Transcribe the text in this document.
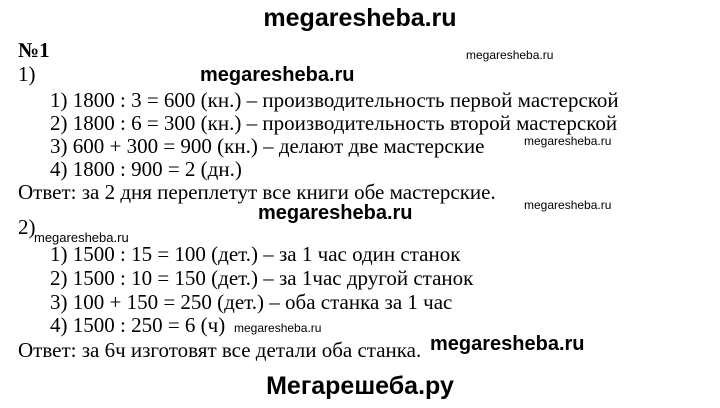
megaresheba.ru
megaresheba.ru
megaresheba.ru
megaresheba.ru
megaresheba.ru
megaresheba.ru
megaresheba.ru
megaresheba.ru
megaresheba.ru
Мегарешеба.ру
№1
1)
1) 1800 : 3 = 600 (кн.) – производительность первой мастерской
2) 1800 : 6 = 300 (кн.) – производительность второй мастерской
3) 600 + 300 = 900 (кн.) – делают две мастерские
4) 1800 : 900 = 2 (дн.)
Ответ: за 2 дня переплетут все книги обе мастерские.
2)
1) 1500 : 15 = 100 (дет.) – за 1 час один станок
2) 1500 : 10 = 150 (дет.) – за 1час другой станок
3) 100 + 150 = 250 (дет.) – оба станка за 1 час
4) 1500 : 250 = 6 (ч)
Ответ: за 6ч изготовят все детали оба станка.
